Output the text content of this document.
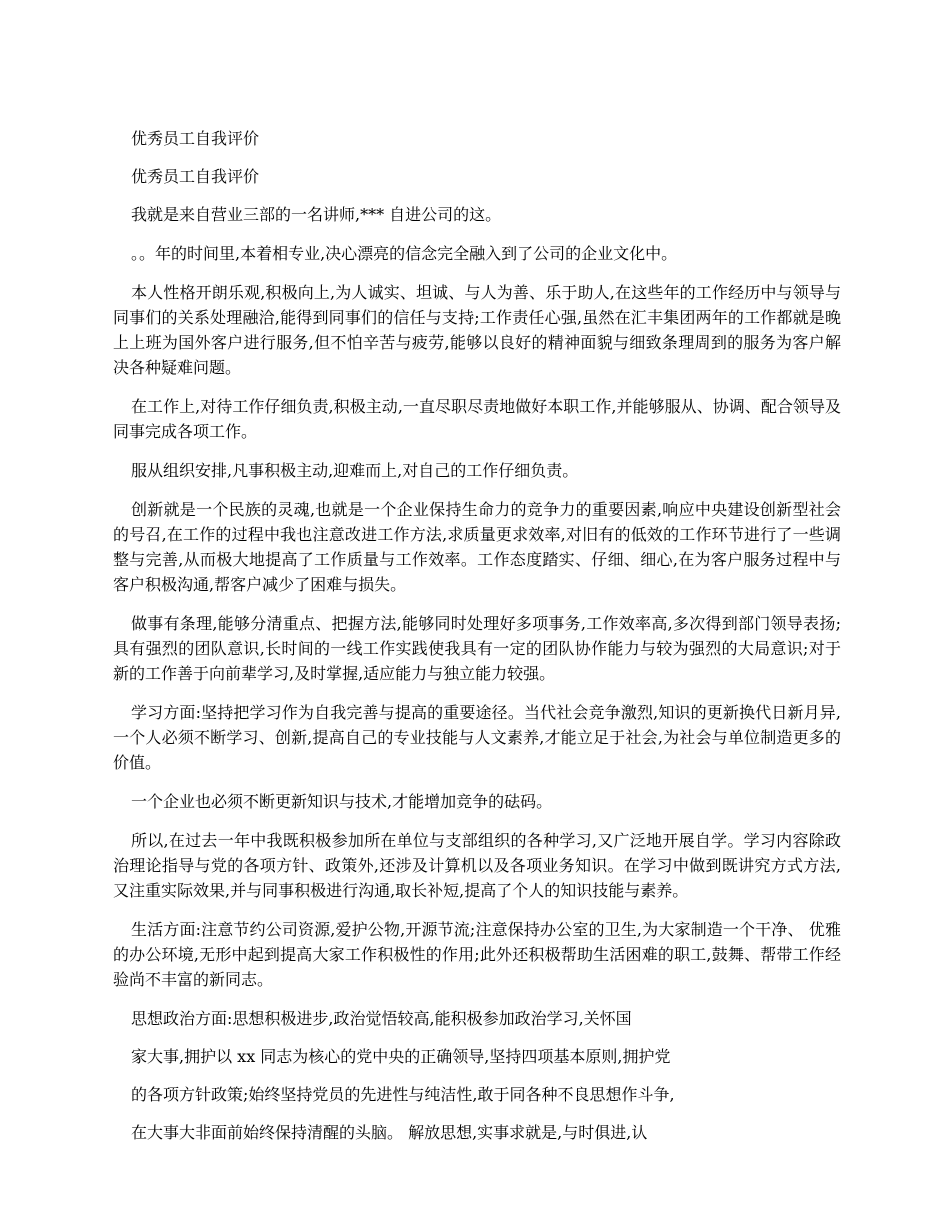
优秀员工自我评价

优秀员工自我评价

我就是来自营业三部的一名讲师,*** 自进公司的这。

。。年的时间里,本着相专业,决心漂亮的信念完全融入到了公司的企业文化中。

本人性格开朗乐观,积极向上,为人诚实、坦诚、与人为善、乐于助人,在这些年的工作经历中与领导与同事们的关系处理融洽,能得到同事们的信任与支持;工作责任心强,虽然在汇丰集团两年的工作都就是晚上上班为国外客户进行服务,但不怕辛苦与疲劳,能够以良好的精神面貌与细致条理周到的服务为客户解决各种疑难问题。

在工作上,对待工作仔细负责,积极主动,一直尽职尽责地做好本职工作,并能够服从、协调、配合领导及同事完成各项工作。

服从组织安排,凡事积极主动,迎难而上,对自己的工作仔细负责。

创新就是一个民族的灵魂,也就是一个企业保持生命力的竞争力的重要因素,响应中央建设创新型社会的号召,在工作的过程中我也注意改进工作方法,求质量更求效率,对旧有的低效的工作环节进行了一些调整与完善,从而极大地提高了工作质量与工作效率。工作态度踏实、仔细、细心,在为客户服务过程中与客户积极沟通,帮客户减少了困难与损失。

做事有条理,能够分清重点、把握方法,能够同时处理好多项事务,工作效率高,多次得到部门领导表扬;具有强烈的团队意识,长时间的一线工作实践使我具有一定的团队协作能力与较为强烈的大局意识;对于新的工作善于向前辈学习,及时掌握,适应能力与独立能力较强。

学习方面:坚持把学习作为自我完善与提高的重要途径。当代社会竞争激烈,知识的更新换代日新月异,一个人必须不断学习、创新,提高自己的专业技能与人文素养,才能立足于社会,为社会与单位制造更多的价值。

一个企业也必须不断更新知识与技术,才能增加竞争的砝码。

所以,在过去一年中我既积极参加所在单位与支部组织的各种学习,又广泛地开展自学。学习内容除政治理论指导与党的各项方针、政策外,还涉及计算机以及各项业务知识。在学习中做到既讲究方式方法,又注重实际效果,并与同事积极进行沟通,取长补短,提高了个人的知识技能与素养。

生活方面:注意节约公司资源,爱护公物,开源节流;注意保持办公室的卫生,为大家制造一个干净、 优雅的办公环境,无形中起到提高大家工作积极性的作用;此外还积极帮助生活困难的职工,鼓舞、帮带工作经验尚不丰富的新同志。

思想政治方面:思想积极进步,政治觉悟较高,能积极参加政治学习,关怀国

家大事,拥护以 xx 同志为核心的党中央的正确领导,坚持四项基本原则,拥护党

的各项方针政策;始终坚持党员的先进性与纯洁性,敢于同各种不良思想作斗争,

在大事大非面前始终保持清醒的头脑。 解放思想,实事求就是,与时俱进,认
